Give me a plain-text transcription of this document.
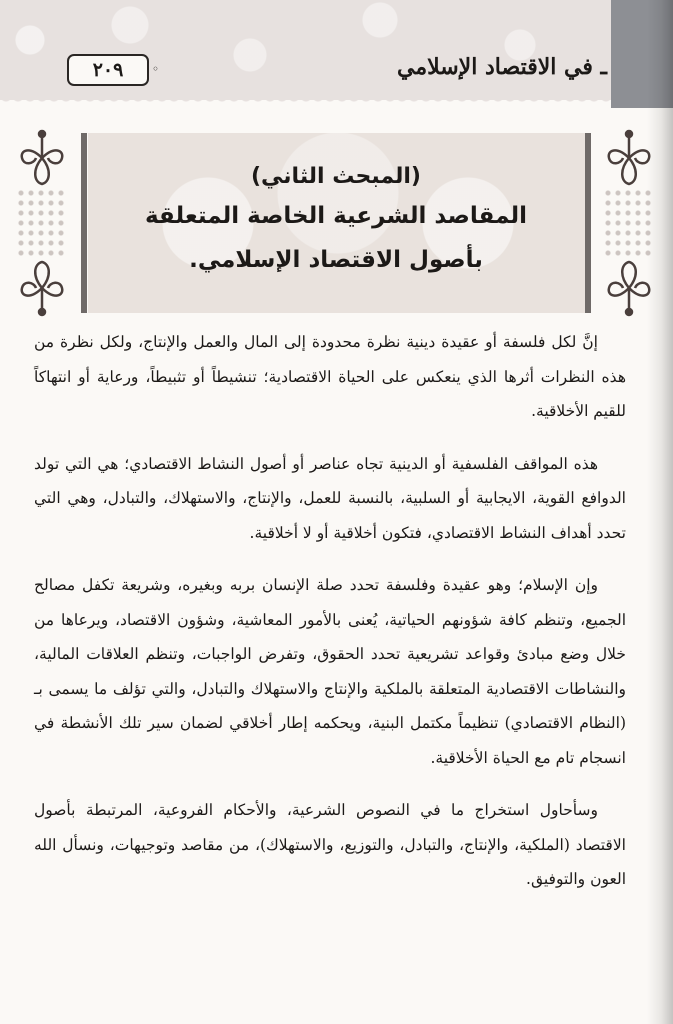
٢٠٩ ◦	ـ في الاقتصاد الإسلامي
(المبحث الثاني)
المقاصد الشرعية الخاصة المتعلقة
بأصول الاقتصاد الإسلامي.

إنَّ لكل فلسفة أو عقيدة دينية نظرة محدودة إلى المال والعمل والإنتاج، ولكل نظرة من هذه النظرات أثرها الذي ينعكس على الحياة الاقتصادية؛ تنشيطاً أو تثبيطاً، ورعاية أو انتهاكاً للقيم الأخلاقية.

هذه المواقف الفلسفية أو الدينية تجاه عناصر أو أصول النشاط الاقتصادي؛ هي التي تولد الدوافع القوية، الايجابية أو السلبية، بالنسبة للعمل، والإنتاج، والاستهلاك، والتبادل، وهي التي تحدد أهداف النشاط الاقتصادي، فتكون أخلاقية أو لا أخلاقية.

وإن الإسلام؛ وهو عقيدة وفلسفة تحدد صلة الإنسان بربه وبغيره، وشريعة تكفل مصالح الجميع، وتنظم كافة شؤونهم الحياتية، يُعنى بالأمور المعاشية، وشؤون الاقتصاد، ويرعاها من خلال وضع مبادئ وقواعد تشريعية تحدد الحقوق، وتفرض الواجبات، وتنظم العلاقات المالية، والنشاطات الاقتصادية المتعلقة بالملكية والإنتاج والاستهلاك والتبادل، والتي تؤلف ما يسمى بـ (النظام الاقتصادي) تنظيماً مكتمل البنية، ويحكمه إطار أخلاقي لضمان سير تلك الأنشطة في انسجام تام مع الحياة الأخلاقية.

وسأحاول استخراج ما في النصوص الشرعية، والأحكام الفروعية، المرتبطة بأصول الاقتصاد (الملكية، والإنتاج، والتبادل، والتوزيع، والاستهلاك)، من مقاصد وتوجيهات، ونسأل الله العون والتوفيق.
